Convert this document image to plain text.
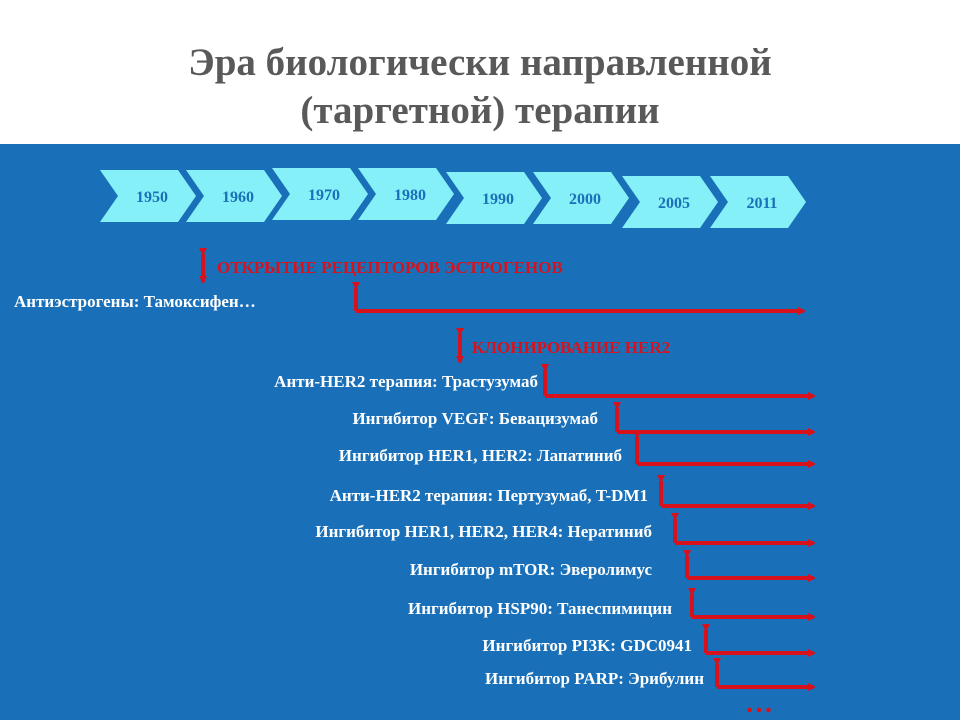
Эра биологически направленной
(таргетной) терапии
1950	1960	1970	1980	1990	2000	2005	2011
ОТКРЫТИЕ РЕЦЕПТОРОВ ЭСТРОГЕНОВ
КЛОНИРОВАНИЕ HER2
Антиэстрогены: Тамоксифен…
Анти-HER2 терапия: Трастузумаб
Ингибитор VEGF: Бевацизумаб
Ингибитор HER1, HER2: Лапатиниб
Анти-HER2 терапия: Пертузумаб, T-DM1
Ингибитор HER1, HER2, HER4: Нератиниб
Ингибитор mTOR: Эверолимус
Ингибитор HSP90: Танеспимицин
Ингибитор PI3K: GDC0941
Ингибитор PARP: Эрибулин
…
